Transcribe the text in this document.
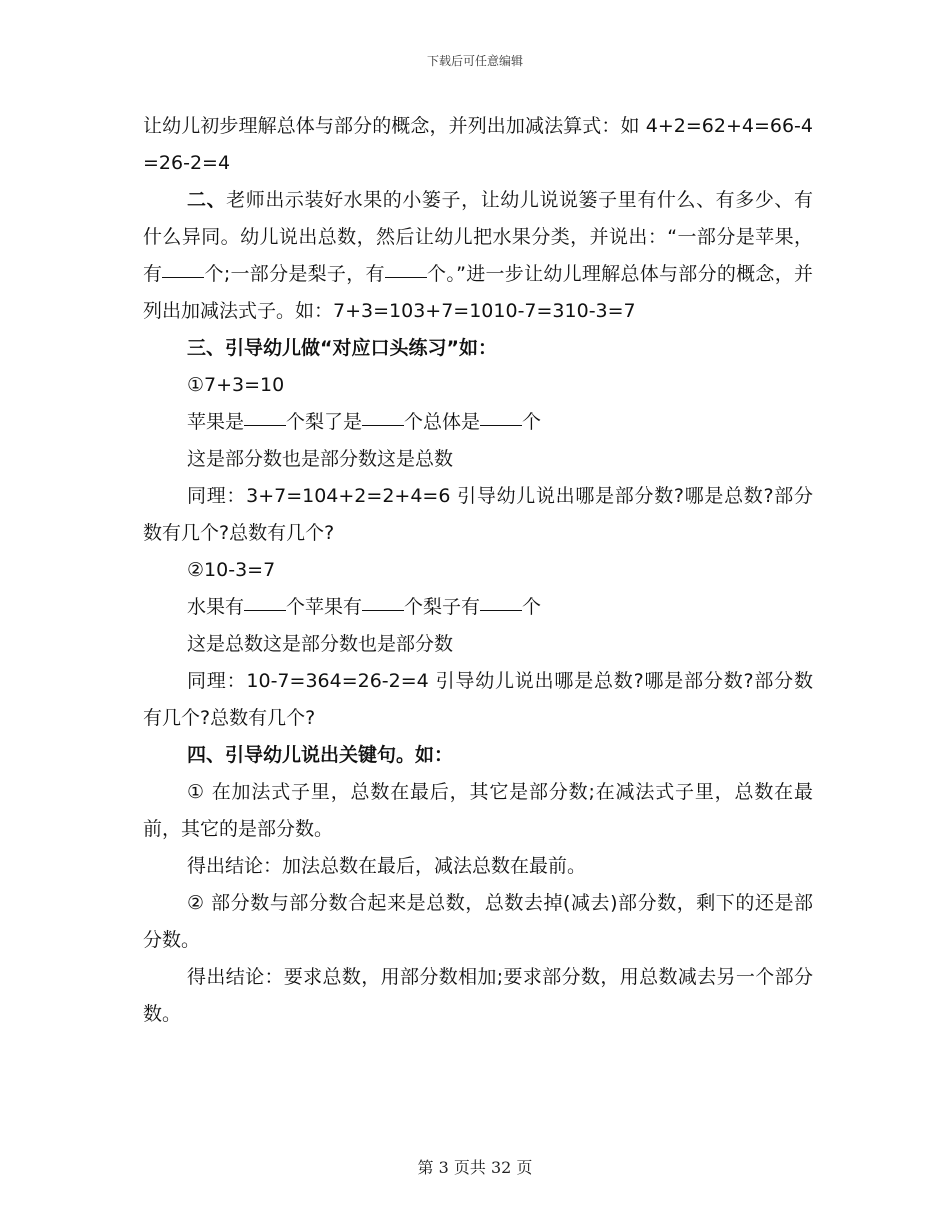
下载后可任意编辑

让幼儿初步理解总体与部分的概念，并列出加减法算式：如 4+2=62+4=66-4=26-2=4

二、老师出示装好水果的小篓子，让幼儿说说篓子里有什么、有多少、有什么异同。幼儿说出总数，然后让幼儿把水果分类，并说出：“一部分是苹果，有 个;一部分是梨子，有 个。”进一步让幼儿理解总体与部分的概念，并列出加减法式子。如：7+3=103+7=1010-7=310-3=7

三、引导幼儿做“对应口头练习”如：

①7+3=10

苹果是 个梨了是 个总体是 个

这是部分数也是部分数这是总数

同理：3+7=104+2=2+4=6 引导幼儿说出哪是部分数?哪是总数?部分数有几个?总数有几个?

②10-3=7

水果有 个苹果有 个梨子有 个

这是总数这是部分数也是部分数

同理：10-7=364=26-2=4 引导幼儿说出哪是总数?哪是部分数?部分数有几个?总数有几个?

四、引导幼儿说出关键句。如：

① 在加法式子里，总数在最后，其它是部分数;在减法式子里，总数在最前，其它的是部分数。

得出结论：加法总数在最后，减法总数在最前。

② 部分数与部分数合起来是总数，总数去掉(减去)部分数，剩下的还是部分数。

得出结论：要求总数，用部分数相加;要求部分数，用总数减去另一个部分数。

第 3 页共 32 页
